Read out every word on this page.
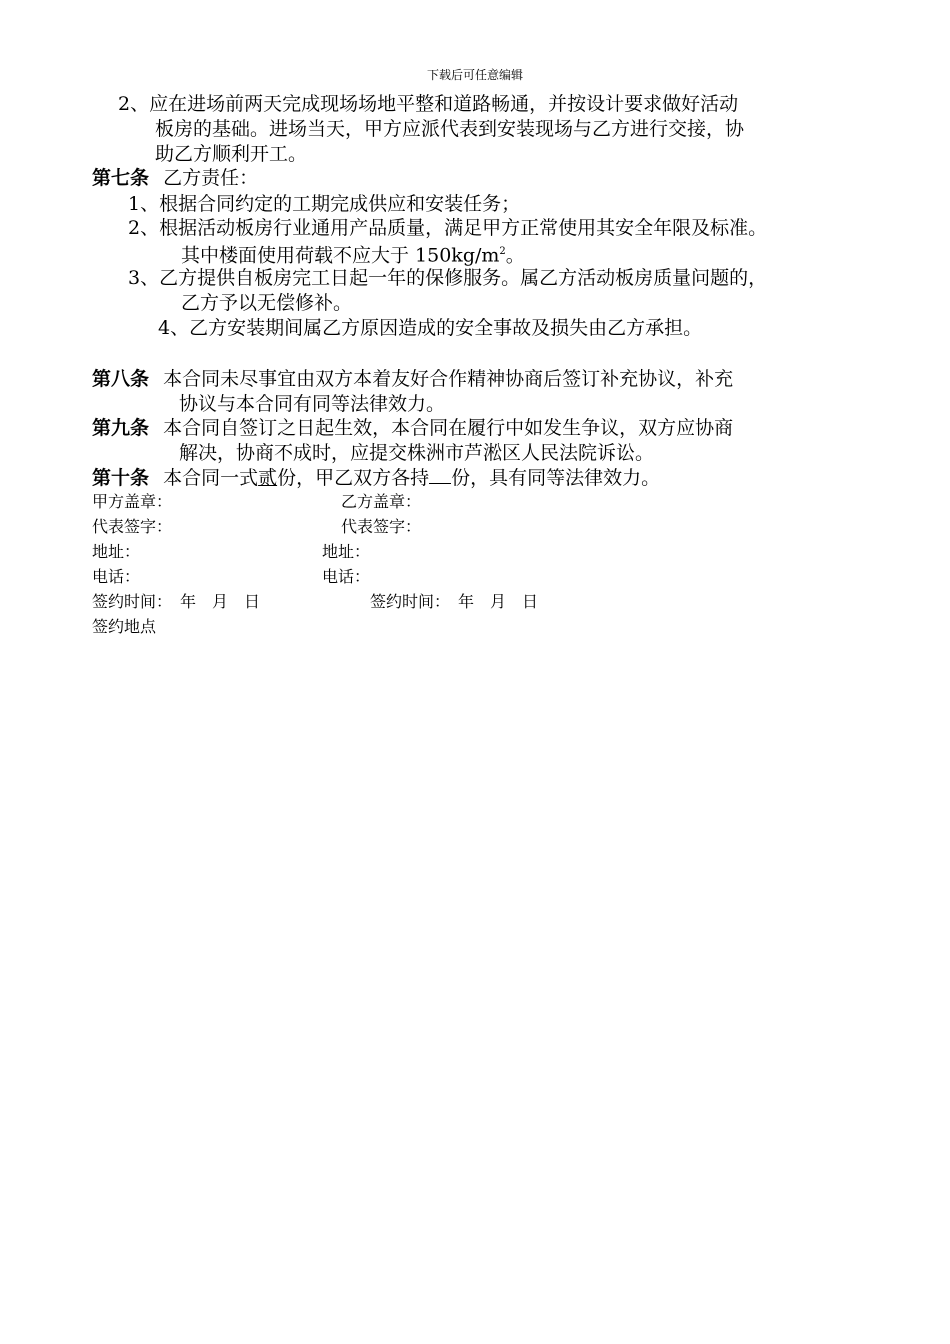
下载后可任意编辑
2、应在进场前两天完成现场场地平整和道路畅通，并按设计要求做好活动
板房的基础。进场当天，甲方应派代表到安装现场与乙方进行交接，协
助乙方顺利开工。
第七条 乙方责任：
1、根据合同约定的工期完成供应和安装任务；
2、根据活动板房行业通用产品质量，满足甲方正常使用其安全年限及标准。
其中楼面使用荷载不应大于 $150kg/m^2$。
3、乙方提供自板房完工日起一年的保修服务。属乙方活动板房质量问题的，
乙方予以无偿修补。
4、乙方安装期间属乙方原因造成的安全事故及损失由乙方承担。
第八条 本合同未尽事宜由双方本着友好合作精神协商后签订补充协议，补充
协议与本合同有同等法律效力。
第九条 本合同自签订之日起生效，本合同在履行中如发生争议，双方应协商
解决，协商不成时，应提交株洲市芦淞区人民法院诉讼。
第十条 本合同一式贰份，甲乙双方各持 份，具有同等法律效力。
甲方盖章：	乙方盖章：
代表签字：	代表签字：
地址：	地址：
电话：	电话：
签约时间：　年　月　日	签约时间：　年　月　日
签约地点
